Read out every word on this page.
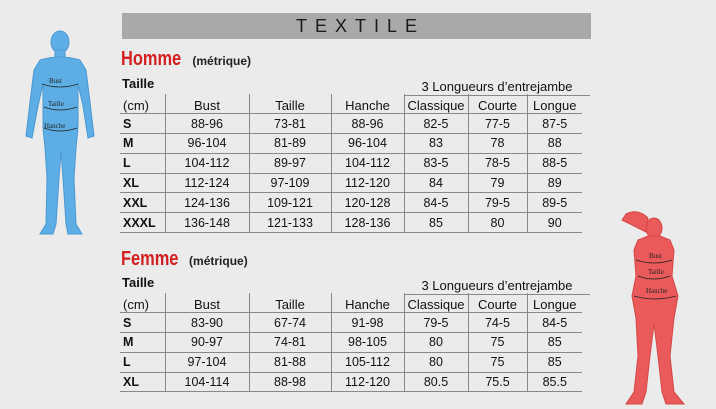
TEXTILE
Bust
Taille
Hanche
Bust
Taille
Hanche
Homme (métrique)
Taille	3 Longueurs d’entrejambe
(cm)	Bust	Taille	Hanche	Classique	Courte	Longue
S	88-96	73-81	88-96	82-5	77-5	87-5
M	96-104	81-89	96-104	83	78	88
L	104-112	89-97	104-112	83-5	78-5	88-5
XL	112-124	97-109	112-120	84	79	89
XXL	124-136	109-121	120-128	84-5	79-5	89-5
XXXL	136-148	121-133	128-136	85	80	90
Femme (métrique)
Taille	3 Longueurs d’entrejambe
(cm)	Bust	Taille	Hanche	Classique	Courte	Longue
S	83-90	67-74	91-98	79-5	74-5	84-5
M	90-97	74-81	98-105	80	75	85
L	97-104	81-88	105-112	80	75	85
XL	104-114	88-98	112-120	80.5	75.5	85.5
